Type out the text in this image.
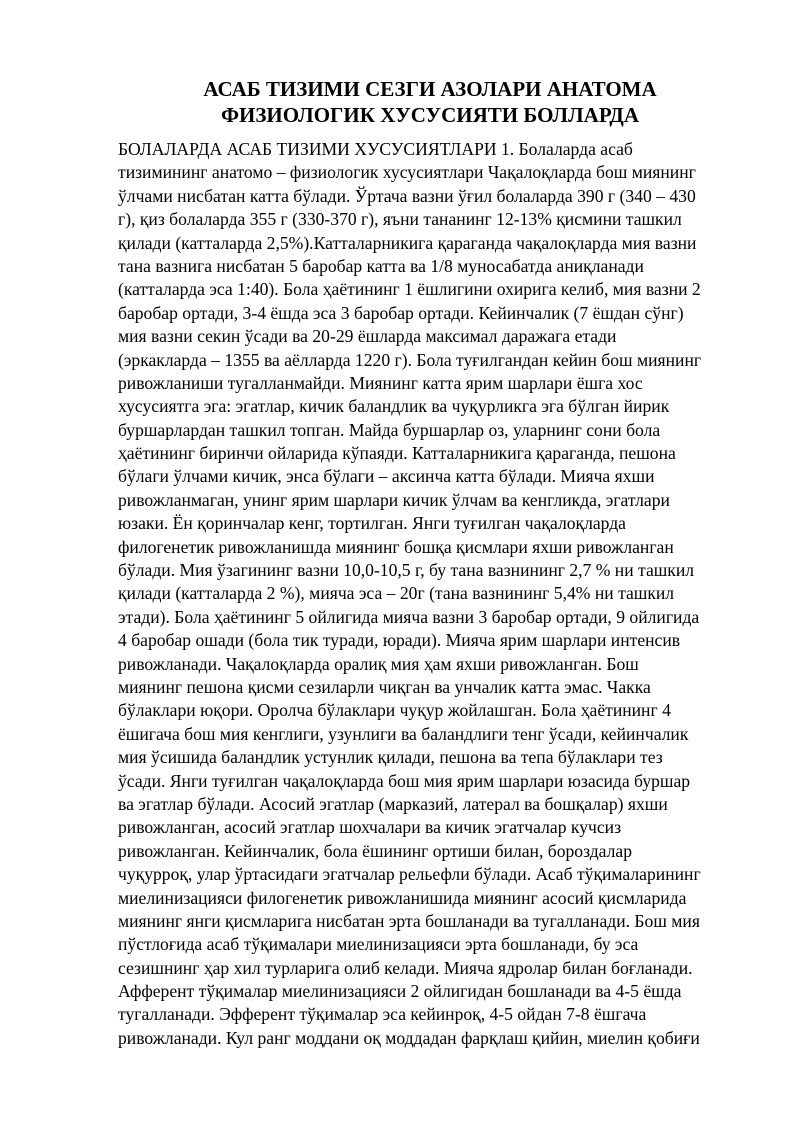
АСАБ ТИЗИМИ СЕЗГИ АЗОЛАРИ АНАТОМА
ФИЗИОЛОГИК ХУСУСИЯТИ БОЛЛАРДА
БОЛАЛАРДА АСАБ ТИЗИМИ ХУСУСИЯТЛАРИ 1. Болаларда асаб
тизимининг анатомо – физиологик хусусиятлари Чақалоқларда бош миянинг
ўлчами нисбатан катта бўлади. Ўртача вазни ўғил болаларда 390 г (340 – 430
г), қиз болаларда 355 г (330-370 г), яъни тананинг 12-13% қисмини ташкил
қилади (катталарда 2,5%).Катталарникига қараганда чақалоқларда мия вазни
тана вазнига нисбатан 5 баробар катта ва 1/8 муносабатда аниқланади
(катталарда эса 1:40). Бола ҳаётининг 1 ёшлигини охирига келиб, мия вазни 2
баробар ортади, 3-4 ёшда эса 3 баробар ортади. Кейинчалик (7 ёшдан сўнг)
мия вазни секин ўсади ва 20-29 ёшларда максимал даражага етади
(эркакларда – 1355 ва аёлларда 1220 г). Бола туғилгандан кейин бош миянинг
ривожланиши тугалланмайди. Миянинг катта ярим шарлари ёшга хос
хусусиятга эга: эгатлар, кичик баландлик ва чуқурликга эга бўлган йирик
буршарлардан ташкил топган. Майда буршарлар оз, уларнинг сони бола
ҳаётининг биринчи ойларида кўпаяди. Катталарникига қараганда, пешона
бўлаги ўлчами кичик, энса бўлаги – аксинча катта бўлади. Мияча яхши
ривожланмаган, унинг ярим шарлари кичик ўлчам ва кенгликда, эгатлари
юзаки. Ён қоринчалар кенг, тортилган. Янги туғилган чақалоқларда
филогенетик ривожланишда миянинг бошқа қисмлари яхши ривожланган
бўлади. Мия ўзагининг вазни 10,0-10,5 г, бу тана вазнининг 2,7 % ни ташкил
қилади (катталарда 2 %), мияча эса – 20г (тана вазнининг 5,4% ни ташкил
этади). Бола ҳаётининг 5 ойлигида мияча вазни 3 баробар ортади, 9 ойлигида
4 баробар ошади (бола тик туради, юради). Мияча ярим шарлари интенсив
ривожланади. Чақалоқларда оралиқ мия ҳам яхши ривожланган. Бош
миянинг пешона қисми сезиларли чиқган ва унчалик катта эмас. Чакка
бўлаклари юқори. Оролча бўлаклари чуқур жойлашган. Бола ҳаётининг 4
ёшигача бош мия кенглиги, узунлиги ва баландлиги тенг ўсади, кейинчалик
мия ўсишида баландлик устунлик қилади, пешона ва тепа бўлаклари тез
ўсади. Янги туғилган чақалоқларда бош мия ярим шарлари юзасида буршар
ва эгатлар бўлади. Асосий эгатлар (марказий, латерал ва бошқалар) яхши
ривожланган, асосий эгатлар шохчалари ва кичик эгатчалар кучсиз
ривожланган. Кейинчалик, бола ёшининг ортиши билан, бороздалар
чуқурроқ, улар ўртасидаги эгатчалар рельефли бўлади. Асаб тўқималарининг
миелинизацияси филогенетик ривожланишида миянинг асосий қисмларида
миянинг янги қисмларига нисбатан эрта бошланади ва тугалланади. Бош мия
пўстлоғида асаб тўқималари миелинизацияси эрта бошланади, бу эса
сезишнинг ҳар хил турларига олиб келади. Мияча ядролар билан боғланади.
Афферент тўқималар миелинизацияси 2 ойлигидан бошланади ва 4-5 ёшда
тугалланади. Эфферент тўқималар эса кейинроқ, 4-5 ойдан 7-8 ёшгача
ривожланади. Кул ранг моддани оқ моддадан фарқлаш қийин, миелин қобиғи
